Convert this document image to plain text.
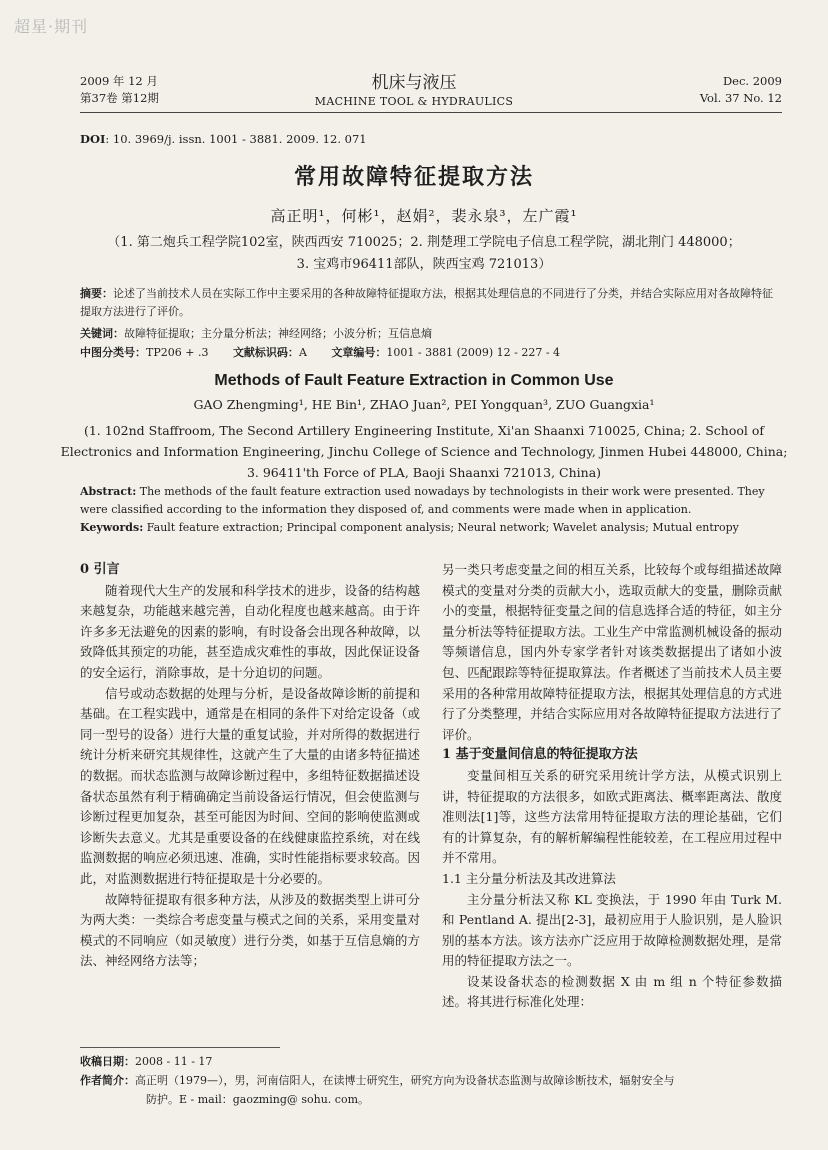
超星·期刊
2009 年 12 月
第37卷 第12期
机床与液压
MACHINE TOOL & HYDRAULICS
Dec. 2009
Vol. 37 No. 12
DOI: 10. 3969/j. issn. 1001 - 3881. 2009. 12. 071
常用故障特征提取方法
高正明¹，何彬¹，赵娟²，裴永泉³，左广霞¹
（1. 第二炮兵工程学院102室，陕西西安 710025；2. 荆楚理工学院电子信息工程学院，湖北荆门 448000；
3. 宝鸡市96411部队，陕西宝鸡 721013）
摘要：论述了当前技术人员在实际工作中主要采用的各种故障特征提取方法，根据其处理信息的不同进行了分类，并结合实际应用对各故障特征提取方法进行了评价。
关键词：故障特征提取；主分量分析法；神经网络；小波分析；互信息熵
中图分类号：TP206 + .3 文献标识码：A 文章编号：1001 - 3881 (2009) 12 - 227 - 4
Methods of Fault Feature Extraction in Common Use
GAO Zhengming¹, HE Bin¹, ZHAO Juan², PEI Yongquan³, ZUO Guangxia¹
(1. 102nd Staffroom, The Second Artillery Engineering Institute, Xi'an Shaanxi 710025, China; 2. School of
Electronics and Information Engineering, Jinchu College of Science and Technology, Jinmen Hubei 448000, China;
3. 96411'th Force of PLA, Baoji Shaanxi 721013, China)
Abstract: The methods of the fault feature extraction used nowadays by technologists in their work were presented. They were classified according to the information they disposed of, and comments were made when in application.
Keywords: Fault feature extraction; Principal component analysis; Neural network; Wavelet analysis; Mutual entropy

0 引言

随着现代大生产的发展和科学技术的进步，设备的结构越来越复杂，功能越来越完善，自动化程度也越来越高。由于许许多多无法避免的因素的影响，有时设备会出现各种故障，以致降低其预定的功能，甚至造成灾难性的事故，因此保证设备的安全运行，消除事故，是十分迫切的问题。

信号或动态数据的处理与分析，是设备故障诊断的前提和基础。在工程实践中，通常是在相同的条件下对给定设备（或同一型号的设备）进行大量的重复试验，并对所得的数据进行统计分析来研究其规律性，这就产生了大量的由诸多特征描述的数据。而状态监测与故障诊断过程中，多组特征数据描述设备状态虽然有利于精确确定当前设备运行情况，但会使监测与诊断过程更加复杂，甚至可能因为时间、空间的影响使监测或诊断失去意义。尤其是重要设备的在线健康监控系统，对在线监测数据的响应必须迅速、准确，实时性能指标要求较高。因此，对监测数据进行特征提取是十分必要的。

故障特征提取有很多种方法，从涉及的数据类型上讲可分为两大类：一类综合考虑变量与模式之间的关系，采用变量对模式的不同响应（如灵敏度）进行分类，如基于互信息熵的方法、神经网络方法等；

另一类只考虑变量之间的相互关系，比较每个或每组描述故障模式的变量对分类的贡献大小，选取贡献大的变量，删除贡献小的变量，根据特征变量之间的信息选择合适的特征，如主分量分析法等特征提取方法。工业生产中常监测机械设备的振动等频谱信息，国内外专家学者针对该类数据提出了诸如小波包、匹配跟踪等特征提取算法。作者概述了当前技术人员主要采用的各种常用故障特征提取方法，根据其处理信息的方式进行了分类整理，并结合实际应用对各故障特征提取方法进行了评价。

1 基于变量间信息的特征提取方法

变量间相互关系的研究采用统计学方法，从模式识别上讲，特征提取的方法很多，如欧式距离法、概率距离法、散度准则法[1]等，这些方法常用特征提取方法的理论基础，它们有的计算复杂，有的解析解编程性能较差，在工程应用过程中并不常用。

1.1 主分量分析法及其改进算法

主分量分析法又称 KL 变换法，于 1990 年由 Turk M. 和 Pentland A. 提出[2-3]，最初应用于人脸识别，是人脸识别的基本方法。该方法亦广泛应用于故障检测数据处理，是常用的特征提取方法之一。

设某设备状态的检测数据 X 由 m 组 n 个特征参数描述。将其进行标准化处理：

收稿日期：2008 - 11 - 17
作者简介：高正明（1979—），男，河南信阳人，在读博士研究生，研究方向为设备状态监测与故障诊断技术，辐射安全与
防护。E - mail：gaozming@ sohu. com。
